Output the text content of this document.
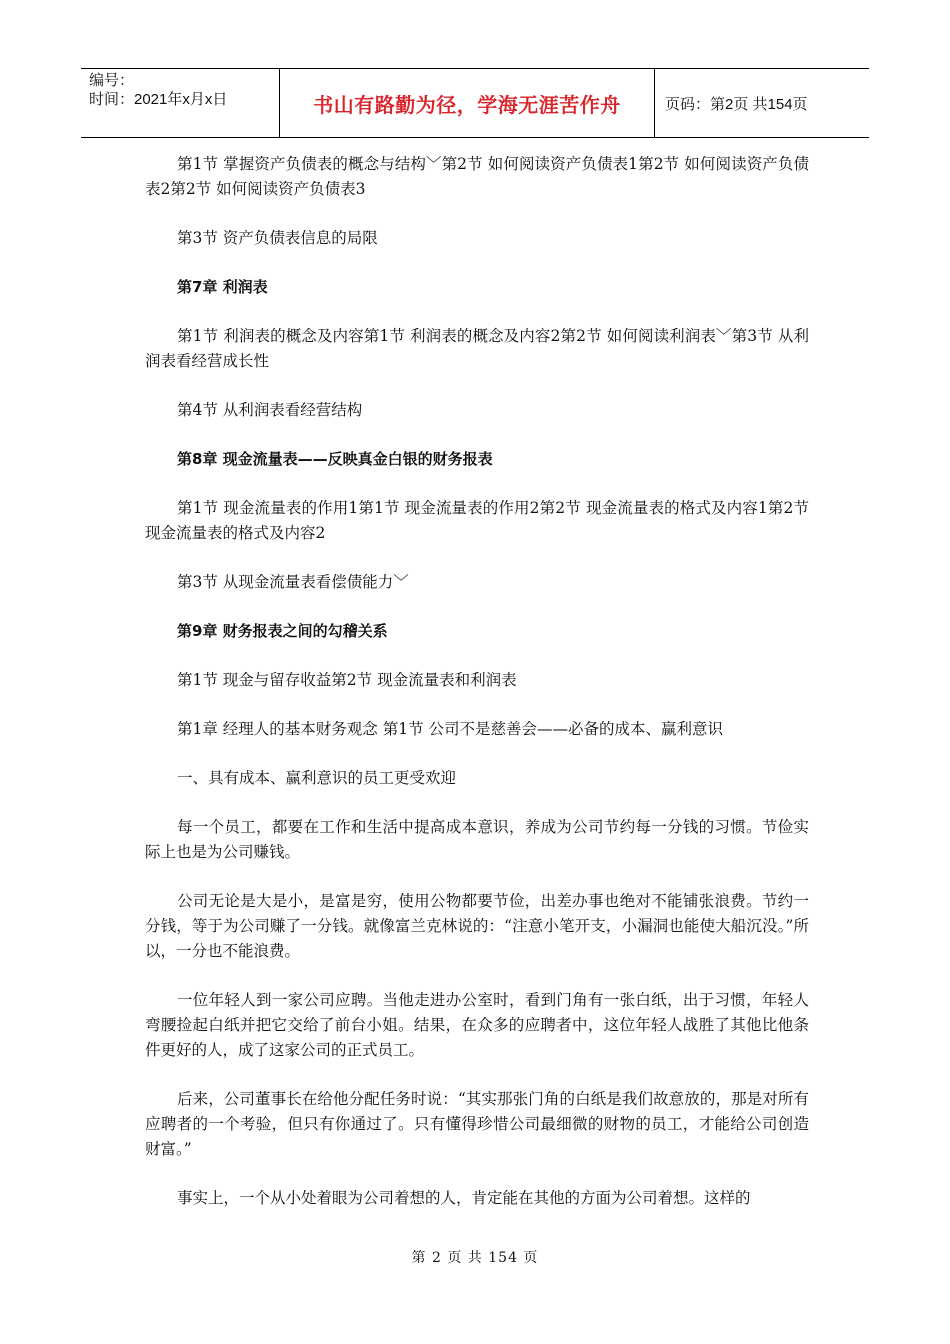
编号：
时间：2021年x月x日	书山有路勤为径，学海无涯苦作舟	页码：第2页 共154页

第1节 掌握资产负债表的概念与结构﹀第2节 如何阅读资产负债表1第2节 如何阅读资产负债表2第2节 如何阅读资产负债表3

第3节 资产负债表信息的局限

第7章 利润表

第1节 利润表的概念及内容第1节 利润表的概念及内容2第2节 如何阅读利润表﹀第3节 从利润表看经营成长性

第4节 从利润表看经营结构

第8章 现金流量表——反映真金白银的财务报表

第1节 现金流量表的作用1第1节 现金流量表的作用2第2节 现金流量表的格式及内容1第2节 现金流量表的格式及内容2

第3节 从现金流量表看偿债能力﹀

第9章 财务报表之间的勾稽关系

第1节 现金与留存收益第2节 现金流量表和利润表

第1章 经理人的基本财务观念 第1节 公司不是慈善会——必备的成本、赢利意识

一、具有成本、赢利意识的员工更受欢迎

每一个员工，都要在工作和生活中提高成本意识，养成为公司节约每一分钱的习惯。节俭实际上也是为公司赚钱。

公司无论是大是小，是富是穷，使用公物都要节俭，出差办事也绝对不能铺张浪费。节约一分钱，等于为公司赚了一分钱。就像富兰克林说的：“注意小笔开支，小漏洞也能使大船沉没。”所以，一分也不能浪费。

一位年轻人到一家公司应聘。当他走进办公室时，看到门角有一张白纸，出于习惯，年轻人弯腰捡起白纸并把它交给了前台小姐。结果，在众多的应聘者中，这位年轻人战胜了其他比他条件更好的人，成了这家公司的正式员工。

后来，公司董事长在给他分配任务时说：“其实那张门角的白纸是我们故意放的，那是对所有应聘者的一个考验，但只有你通过了。只有懂得珍惜公司最细微的财物的员工，才能给公司创造财富。”

事实上，一个从小处着眼为公司着想的人，肯定能在其他的方面为公司着想。这样的

第 2 页 共 154 页
